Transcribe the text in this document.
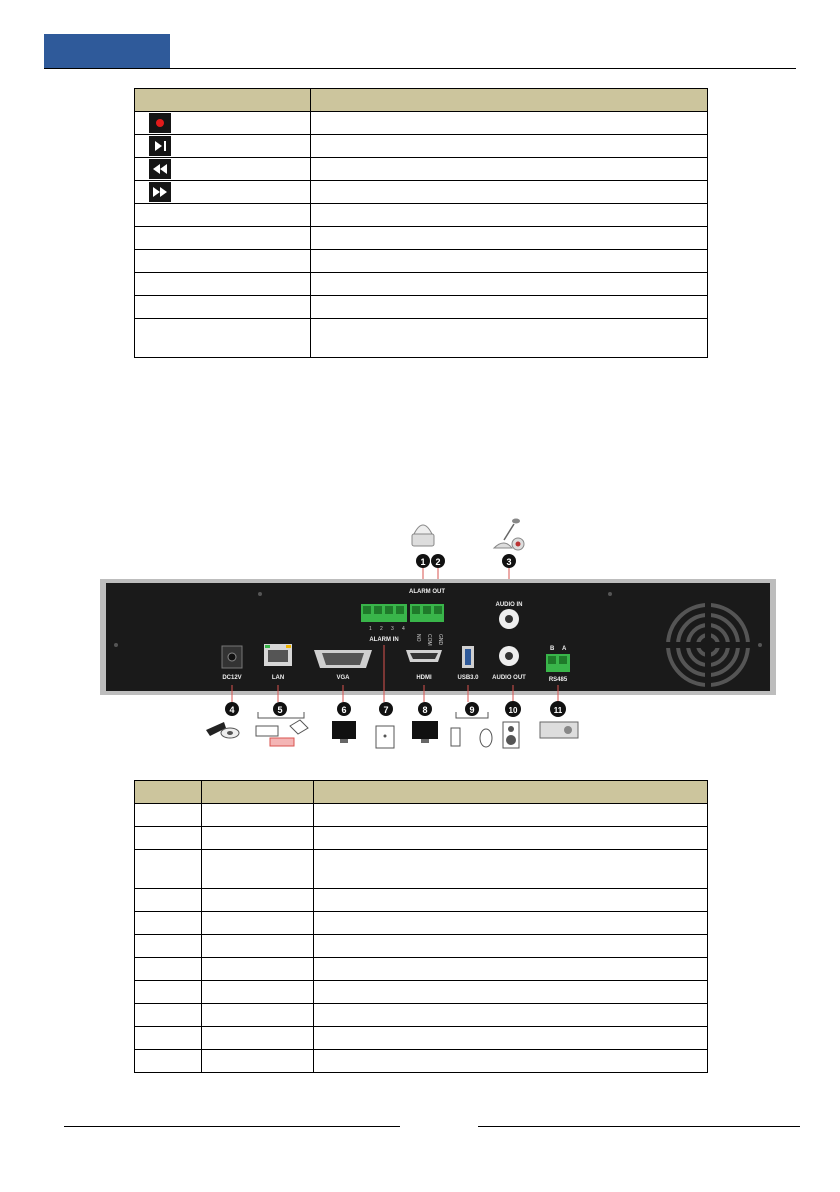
1 2	3
1 2 3 4
ALARM IN
ALARM OUT
NO COM GND
AUDIO IN
DC12V	LAN	VGA	HDMI	USB3.0 AUDIO OUT
B A
RS485
4	5	6	7	8	9	10	11
